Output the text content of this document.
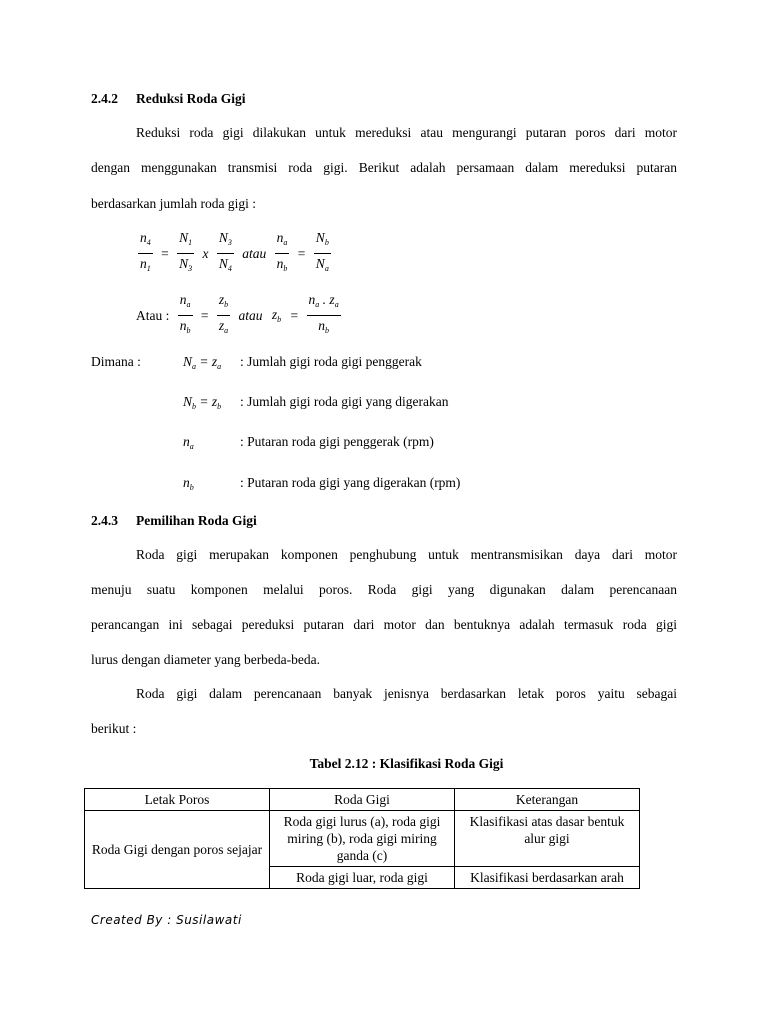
2.4.2 Reduksi Roda Gigi
Reduksi roda gigi dilakukan untuk mereduksi atau mengurangi putaran poros dari motor
dengan menggunakan transmisi roda gigi. Berikut adalah persamaan dalam mereduksi putaran
berdasarkan jumlah roda gigi :
$\frac{n_4}{n_1} = \frac{N_1}{N_3}$ x $\frac{N_3}{N_4}$ atau $\frac{n_a}{n_b} = \frac{N_b}{N_a}$
Atau : $\frac{n_a}{n_b} = \frac{z_b}{z_a}$ atau $z_b = \frac{n_a . z_a}{n_b}$
Dimana :	$N_a = z_a$ : Jumlah gigi roda gigi penggerak
$N_b = z_b$ : Jumlah gigi roda gigi yang digerakan
$n_a$	: Putaran roda gigi penggerak (rpm)
$n_b$	: Putaran roda gigi yang digerakan (rpm)
2.4.3 Pemilihan Roda Gigi
Roda gigi merupakan komponen penghubung untuk mentransmisikan daya dari motor
menuju suatu komponen melalui poros. Roda gigi yang digunakan dalam perencanaan
perancangan ini sebagai pereduksi putaran dari motor dan bentuknya adalah termasuk roda gigi
lurus dengan diameter yang berbeda-beda.
Roda gigi dalam perencanaan banyak jenisnya berdasarkan letak poros yaitu sebagai
berikut :
Tabel 2.12 : Klasifikasi Roda Gigi
Letak Poros	Roda Gigi	Keterangan
Roda Gigi dengan poros sejajar	Roda gigi lurus (a), roda gigi miring (b), roda gigi miring ganda (c)	Klasifikasi atas dasar bentuk alur gigi
	Roda gigi luar, roda gigi	Klasifikasi berdasarkan arah
Created By : Susilawati
